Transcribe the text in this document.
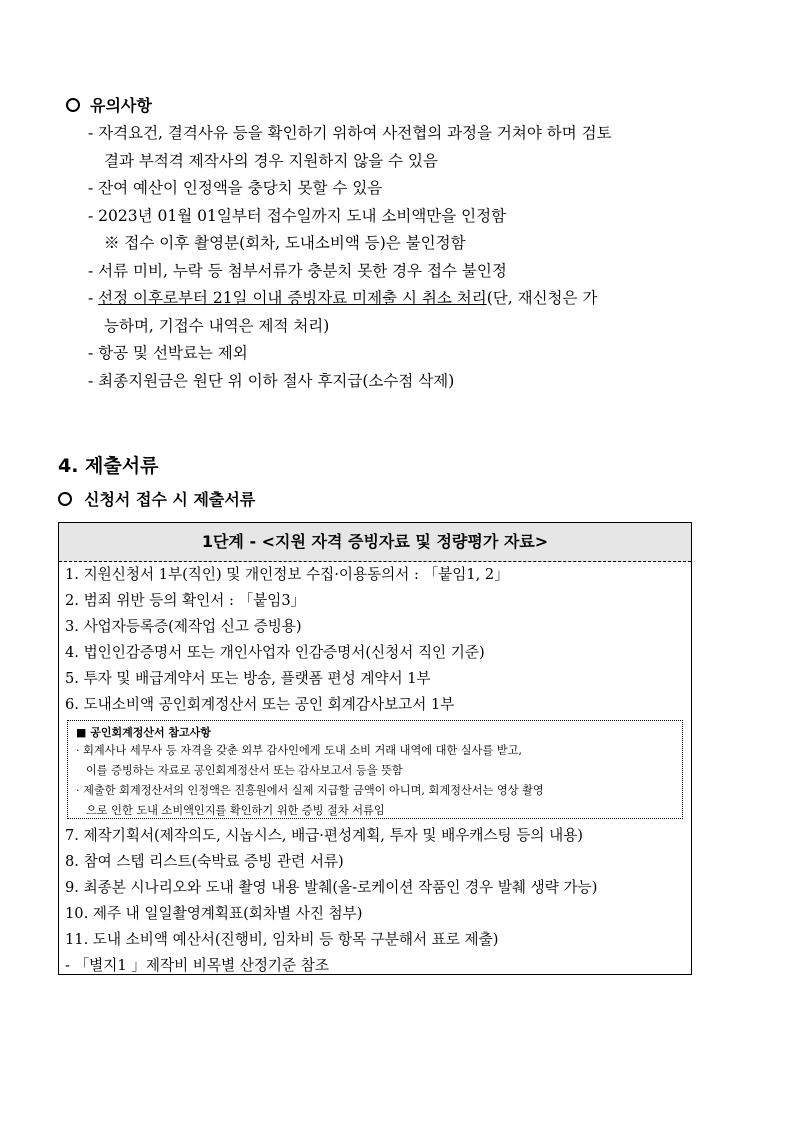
유의사항
- 자격요건, 결격사유 등을 확인하기 위하여 사전협의 과정을 거쳐야 하며 검토
결과 부적격 제작사의 경우 지원하지 않을 수 있음
- 잔여 예산이 인정액을 충당치 못할 수 있음
- 2023년 01월 01일부터 접수일까지 도내 소비액만을 인정함
※ 접수 이후 촬영분(회차, 도내소비액 등)은 불인정함
- 서류 미비, 누락 등 첨부서류가 충분치 못한 경우 접수 불인정
- 선정 이후로부터 21일 이내 증빙자료 미제출 시 취소 처리(단, 재신청은 가
능하며, 기접수 내역은 제적 처리)
- 항공 및 선박료는 제외
- 최종지원금은 원단 위 이하 절사 후지급(소수점 삭제)
4. 제출서류
신청서 접수 시 제출서류
1단계 - <지원 자격 증빙자료 및 정량평가 자료>
1. 지원신청서 1부(직인) 및 개인정보 수집·이용동의서 : 「붙임1, 2」
2. 범죄 위반 등의 확인서 : 「붙임3」
3. 사업자등록증(제작업 신고 증빙용)
4. 법인인감증명서 또는 개인사업자 인감증명서(신청서 직인 기준)
5. 투자 및 배급계약서 또는 방송, 플랫폼 편성 계약서 1부
6. 도내소비액 공인회계정산서 또는 공인 회계감사보고서 1부
■ 공인회계정산서 참고사항
· 회계사나 세무사 등 자격을 갖춘 외부 감사인에게 도내 소비 거래 내역에 대한 실사를 받고,
이를 증빙하는 자료로 공인회계정산서 또는 감사보고서 등을 뜻함
· 제출한 회계정산서의 인정액은 진흥원에서 실제 지급할 금액이 아니며, 회계정산서는 영상 촬영
으로 인한 도내 소비액인지를 확인하기 위한 증빙 절차 서류임
7. 제작기획서(제작의도, 시놉시스, 배급·편성계획, 투자 및 배우캐스팅 등의 내용)
8. 참여 스텝 리스트(숙박료 증빙 관련 서류)
9. 최종본 시나리오와 도내 촬영 내용 발췌(올-로케이션 작품인 경우 발췌 생략 가능)
10. 제주 내 일일촬영계획표(회차별 사진 첨부)
11. 도내 소비액 예산서(진행비, 임차비 등 항목 구분해서 표로 제출)
- 「별지1 」제작비 비목별 산정기준 참조
